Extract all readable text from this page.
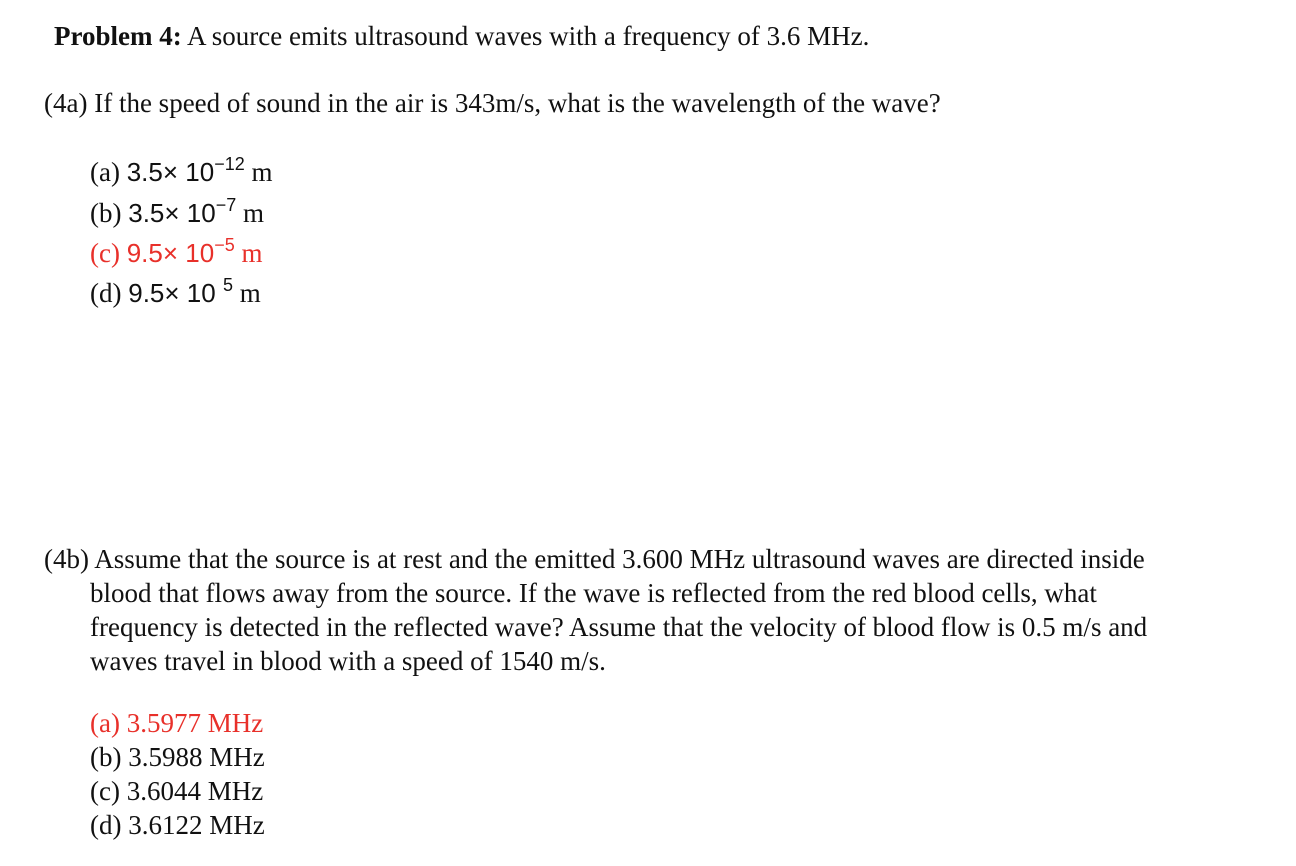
Problem 4: A source emits ultrasound waves with a frequency of 3.6 MHz.
(4a) If the speed of sound in the air is 343m/s, what is the wavelength of the wave?
(a) $3.5\times 10^{-12}$ m
(b) $3.5\times 10^{-7}$ m
(c) $9.5\times 10^{-5}$ m
(d) 9.5× 10 $^5$ m
(4b) Assume that the source is at rest and the emitted 3.600 MHz ultrasound waves are directed inside
blood that flows away from the source. If the wave is reflected from the red blood cells, what
frequency is detected in the reflected wave? Assume that the velocity of blood flow is 0.5 m/s and
waves travel in blood with a speed of 1540 m/s.
(a) 3.5977 MHz
(b) 3.5988 MHz
(c) 3.6044 MHz
(d) 3.6122 MHz
